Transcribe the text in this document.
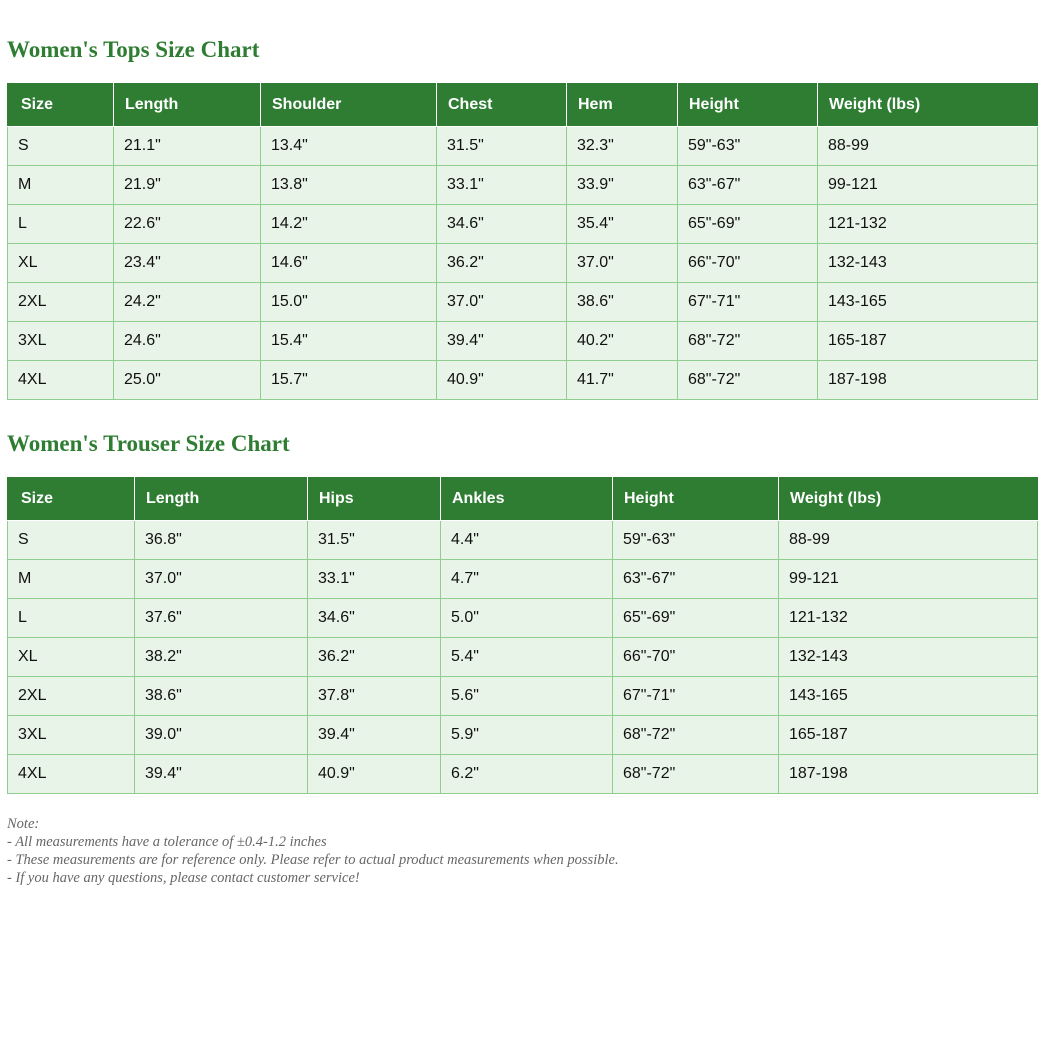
Women's Tops Size Chart
Size	Length	Shoulder	Chest	Hem	Height	Weight (lbs)
S	21.1"	13.4"	31.5"	32.3"	59"-63"	88-99
M	21.9"	13.8"	33.1"	33.9"	63"-67"	99-121
L	22.6"	14.2"	34.6"	35.4"	65"-69"	121-132
XL	23.4"	14.6"	36.2"	37.0"	66"-70"	132-143
2XL	24.2"	15.0"	37.0"	38.6"	67"-71"	143-165
3XL	24.6"	15.4"	39.4"	40.2"	68"-72"	165-187
4XL	25.0"	15.7"	40.9"	41.7"	68"-72"	187-198
Women's Trouser Size Chart
Size	Length	Hips	Ankles	Height	Weight (lbs)
S	36.8"	31.5"	4.4"	59"-63"	88-99
M	37.0"	33.1"	4.7"	63"-67"	99-121
L	37.6"	34.6"	5.0"	65"-69"	121-132
XL	38.2"	36.2"	5.4"	66"-70"	132-143
2XL	38.6"	37.8"	5.6"	67"-71"	143-165
3XL	39.0"	39.4"	5.9"	68"-72"	165-187
4XL	39.4"	40.9"	6.2"	68"-72"	187-198
Note:
- All measurements have a tolerance of ±0.4-1.2 inches
- These measurements are for reference only. Please refer to actual product measurements when possible.
- If you have any questions, please contact customer service!
